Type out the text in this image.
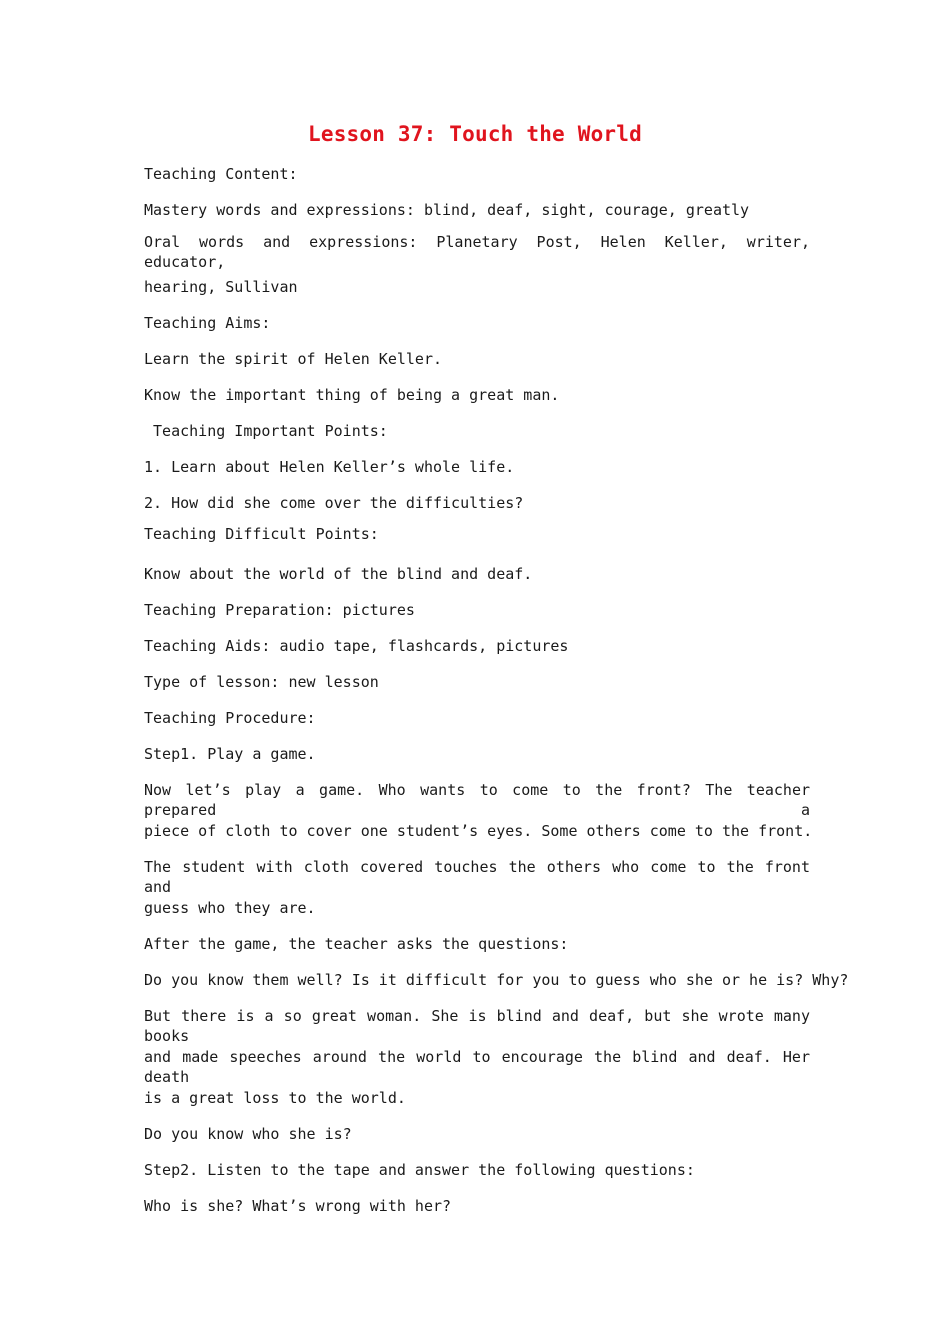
Lesson 37: Touch the World
Teaching Content:
Mastery words and expressions: blind, deaf, sight, courage, greatly
Oral words and expressions: Planetary Post, Helen Keller, writer, educator,
hearing, Sullivan
Teaching Aims:
Learn the spirit of Helen Keller.
Know the important thing of being a great man.
Teaching Important Points:
1. Learn about Helen Keller’s whole life.
2. How did she come over the difficulties?
Teaching Difficult Points:
Know about the world of the blind and deaf.
Teaching Preparation: pictures
Teaching Aids: audio tape, flashcards, pictures
Type of lesson: new lesson
Teaching Procedure:
Step1. Play a game.
Now let’s play a game. Who wants to come to the front? The teacher prepared a
piece of cloth to cover one student’s eyes. Some others come to the front.
The student with cloth covered touches the others who come to the front and
guess who they are.
After the game, the teacher asks the questions:
Do you know them well? Is it difficult for you to guess who she or he is? Why?
But there is a so great woman. She is blind and deaf, but she wrote many books
and made speeches around the world to encourage the blind and deaf. Her death
is a great loss to the world.
Do you know who she is?
Step2. Listen to the tape and answer the following questions:
Who is she? What’s wrong with her?
